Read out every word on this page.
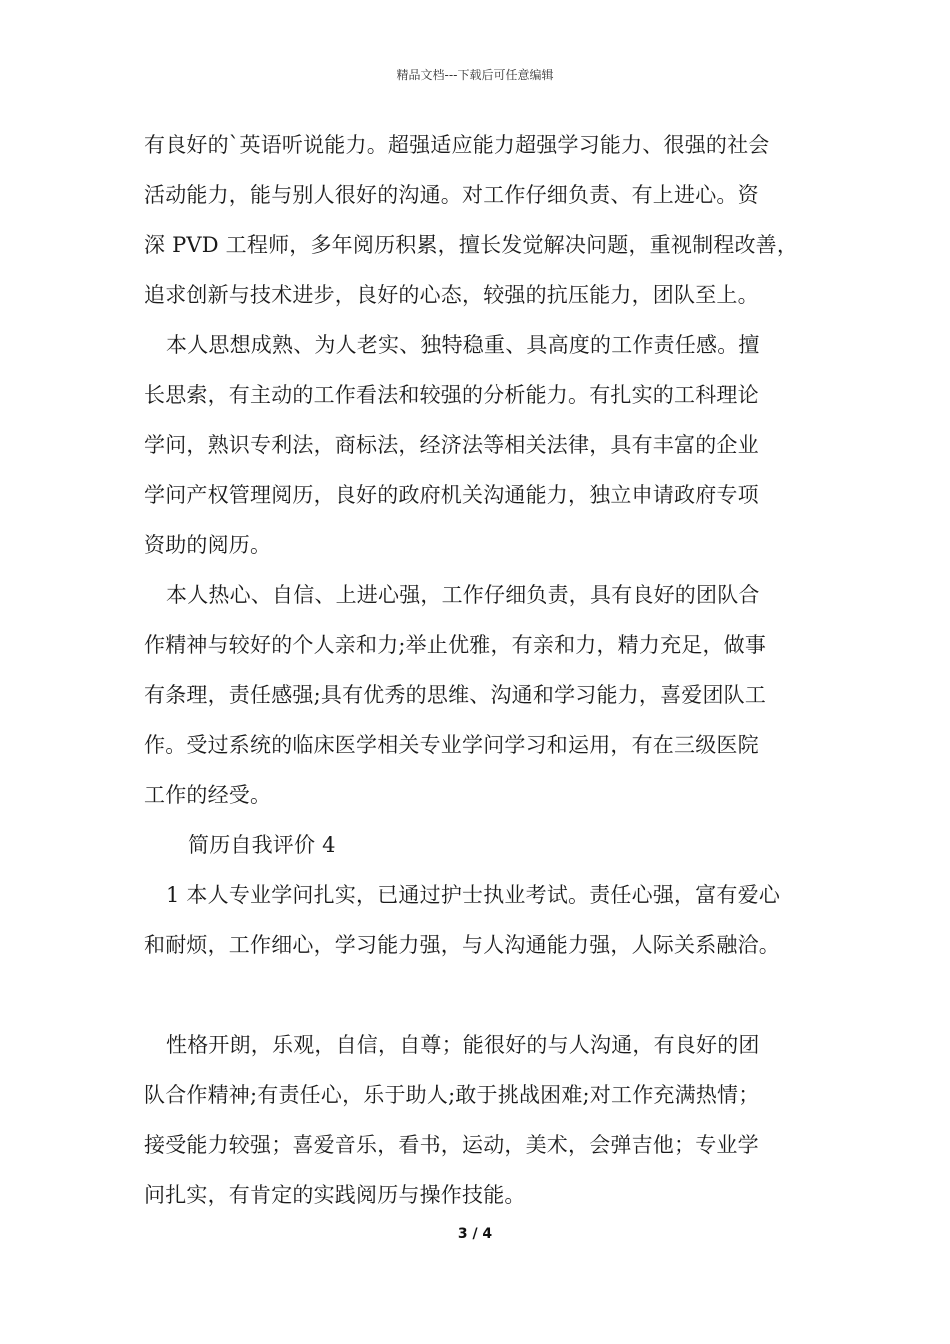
精品文档---下载后可任意编辑
有良好的`英语听说能力。超强适应能力超强学习能力、很强的社会
活动能力，能与别人很好的沟通。对工作仔细负责、有上进心。资
深 PVD 工程师，多年阅历积累，擅长发觉解决问题，重视制程改善，
追求创新与技术进步，良好的心态，较强的抗压能力，团队至上。
本人思想成熟、为人老实、独特稳重、具高度的工作责任感。擅
长思索，有主动的工作看法和较强的分析能力。有扎实的工科理论
学问，熟识专利法，商标法，经济法等相关法律，具有丰富的企业
学问产权管理阅历，良好的政府机关沟通能力，独立申请政府专项
资助的阅历。
本人热心、自信、上进心强，工作仔细负责，具有良好的团队合
作精神与较好的个人亲和力;举止优雅，有亲和力，精力充足，做事
有条理，责任感强;具有优秀的思维、沟通和学习能力，喜爱团队工
作。受过系统的临床医学相关专业学问学习和运用，有在三级医院
工作的经受。
简历自我评价 4
1 本人专业学问扎实，已通过护士执业考试。责任心强，富有爱心
和耐烦，工作细心，学习能力强，与人沟通能力强，人际关系融洽。
性格开朗，乐观，自信，自尊；能很好的与人沟通，有良好的团
队合作精神;有责任心，乐于助人;敢于挑战困难;对工作充满热情；
接受能力较强；喜爱音乐，看书，运动，美术，会弹吉他；专业学
问扎实，有肯定的实践阅历与操作技能。
3 / 4
